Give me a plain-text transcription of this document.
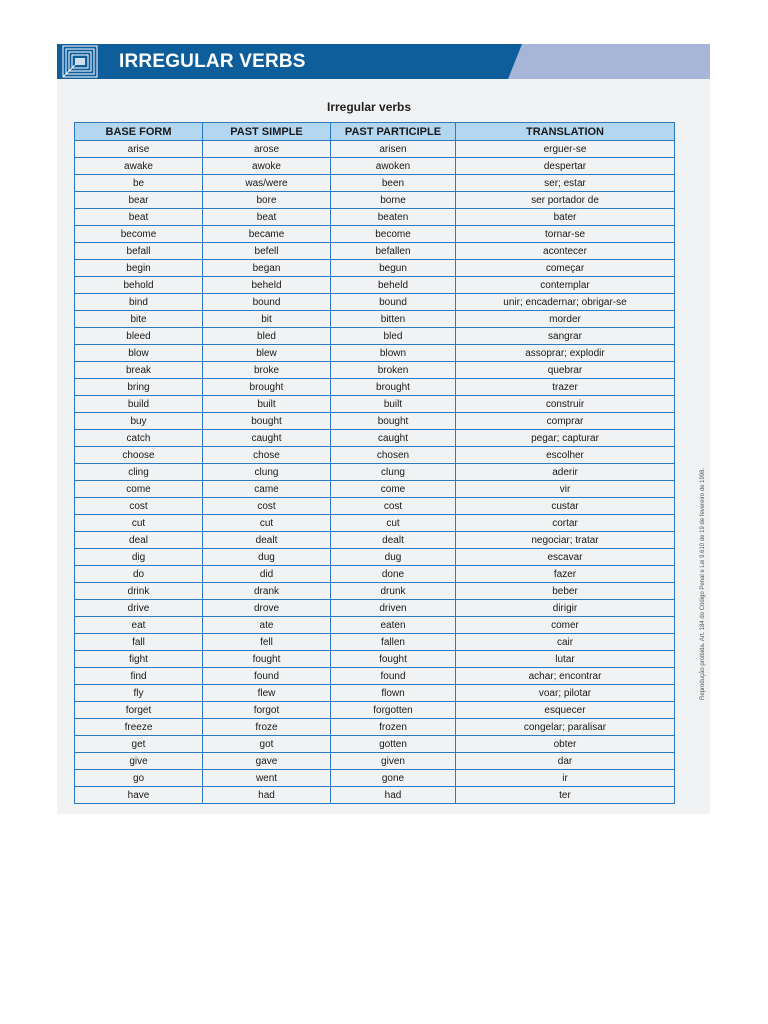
IRREGULAR VERBS
Irregular verbs
BASE FORM	PAST SIMPLE	PAST PARTICIPLE	TRANSLATION
arise	arose	arisen	erguer-se
awake	awoke	awoken	despertar
be	was/were	been	ser; estar
bear	bore	borne	ser portador de
beat	beat	beaten	bater
become	became	become	tornar-se
befall	befell	befallen	acontecer
begin	began	begun	começar
behold	beheld	beheld	contemplar
bind	bound	bound	unir; encadernar; obrigar-se
bite	bit	bitten	morder
bleed	bled	bled	sangrar
blow	blew	blown	assoprar; explodir
break	broke	broken	quebrar
bring	brought	brought	trazer
build	built	built	construir
buy	bought	bought	comprar
catch	caught	caught	pegar; capturar
choose	chose	chosen	escolher
cling	clung	clung	aderir
come	came	come	vir
cost	cost	cost	custar
cut	cut	cut	cortar
deal	dealt	dealt	negociar; tratar
dig	dug	dug	escavar
do	did	done	fazer
drink	drank	drunk	beber
drive	drove	driven	dirigir
eat	ate	eaten	comer
fall	fell	fallen	cair
fight	fought	fought	lutar
find	found	found	achar; encontrar
fly	flew	flown	voar; pilotar
forget	forgot	forgotten	esquecer
freeze	froze	frozen	congelar; paralisar
get	got	gotten	obter
give	gave	given	dar
go	went	gone	ir
have	had	had	ter
Reprodução proibida. Art. 184 do Código Penal e Lei 9.610 de 19 de fevereiro de 1998.
